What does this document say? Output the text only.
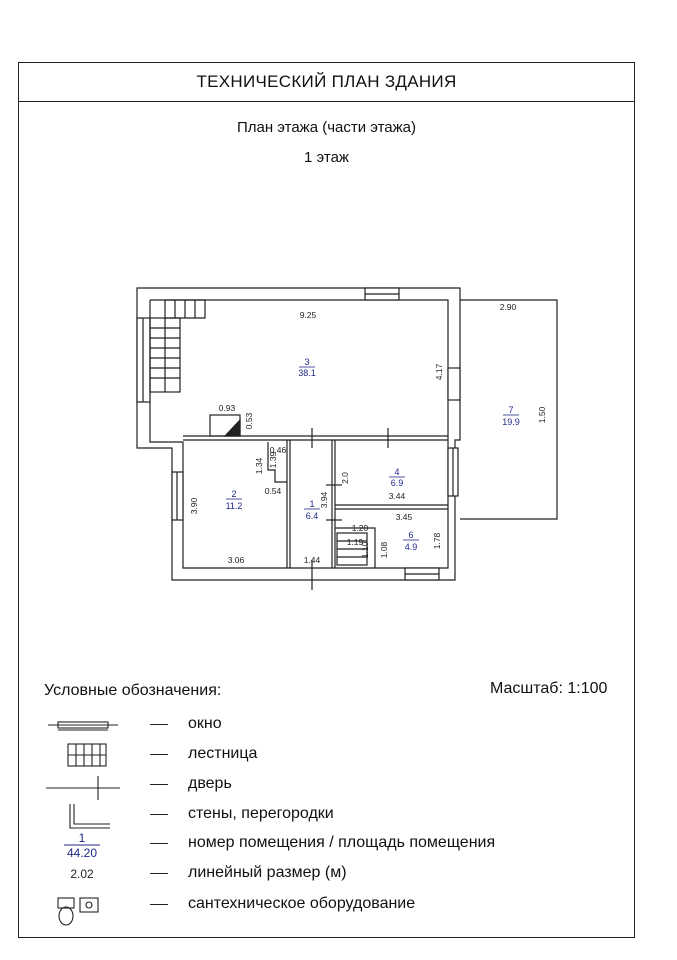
ТЕХНИЧЕСКИЙ ПЛАН ЗДАНИЯ
План этажа (части этажа)
1 этаж
3
38.1
7
19.9
2
11.2	1
6.4
4
6.9
6
4.9
9.25
2.90
4.17
1.50
0.93
0.53
0.46
1.39
1.34
0.54
3.94
2.0
3.44
3.45
1.20
1.08
1.78
3.90
3.06	1.44
1.10
1.19
1
44.20
2.02
Условные обозначения:	Масштаб: 1:100
окно
лестница
дверь
стены, перегородки
номер помещения / площадь помещения
линейный размер (м)
сантехническое оборудование
